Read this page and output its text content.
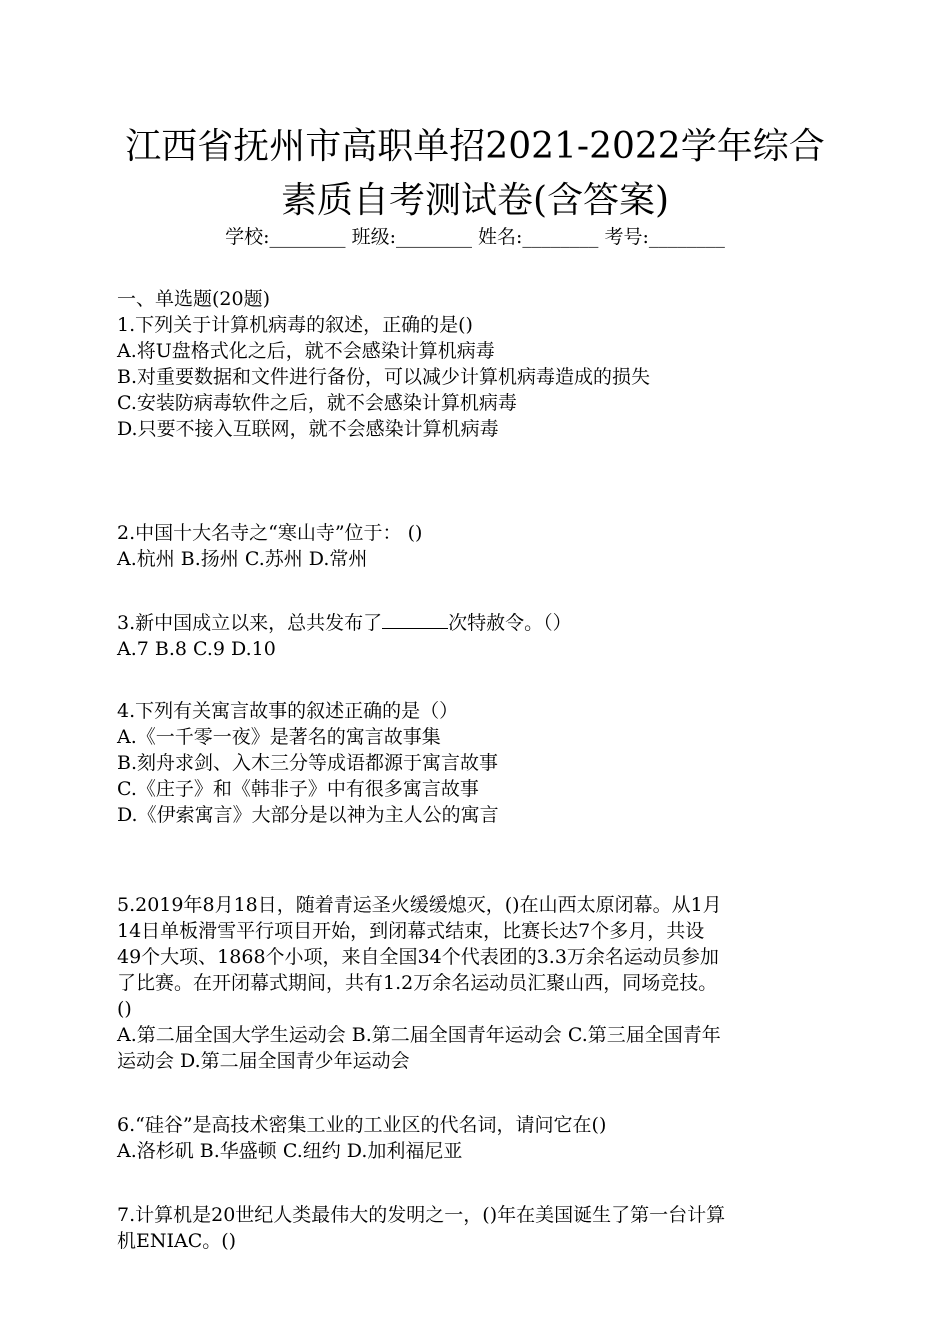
江西省抚州市高职单招2021-2022学年综合
素质自考测试卷(含答案)
学校:________ 班级:________ 姓名:________ 考号:________
一、单选题(20题)
1.下列关于计算机病毒的叙述，正确的是()
A.将U盘格式化之后，就不会感染计算机病毒
B.对重要数据和文件进行备份，可以减少计算机病毒造成的损失
C.安装防病毒软件之后，就不会感染计算机病毒
D.只要不接入互联网，就不会感染计算机病毒
2.中国十大名寺之“寒山寺”位于： ()
A.杭州 B.扬州 C.苏州 D.常州
3.新中国成立以来，总共发布了	次特赦令。（）
A.7 B.8 C.9 D.10
4.下列有关寓言故事的叙述正确的是（）
A.《一千零一夜》是著名的寓言故事集
B.刻舟求剑、入木三分等成语都源于寓言故事
C.《庄子》和《韩非子》中有很多寓言故事
D.《伊索寓言》大部分是以神为主人公的寓言
5.2019年8月18日，随着青运圣火缓缓熄灭，()在山西太原闭幕。从1月
14日单板滑雪平行项目开始，到闭幕式结束，比赛长达7个多月，共设
49个大项、1868个小项，来自全国34个代表团的3.3万余名运动员参加
了比赛。在开闭幕式期间，共有1.2万余名运动员汇聚山西，同场竞技。
()
A.第二届全国大学生运动会 B.第二届全国青年运动会 C.第三届全国青年
运动会 D.第二届全国青少年运动会
6.“硅谷”是高技术密集工业的工业区的代名词，请问它在()
A.洛杉矶 B.华盛顿 C.纽约 D.加利福尼亚
7.计算机是20世纪人类最伟大的发明之一，()年在美国诞生了第一台计算
机ENIAC。()
